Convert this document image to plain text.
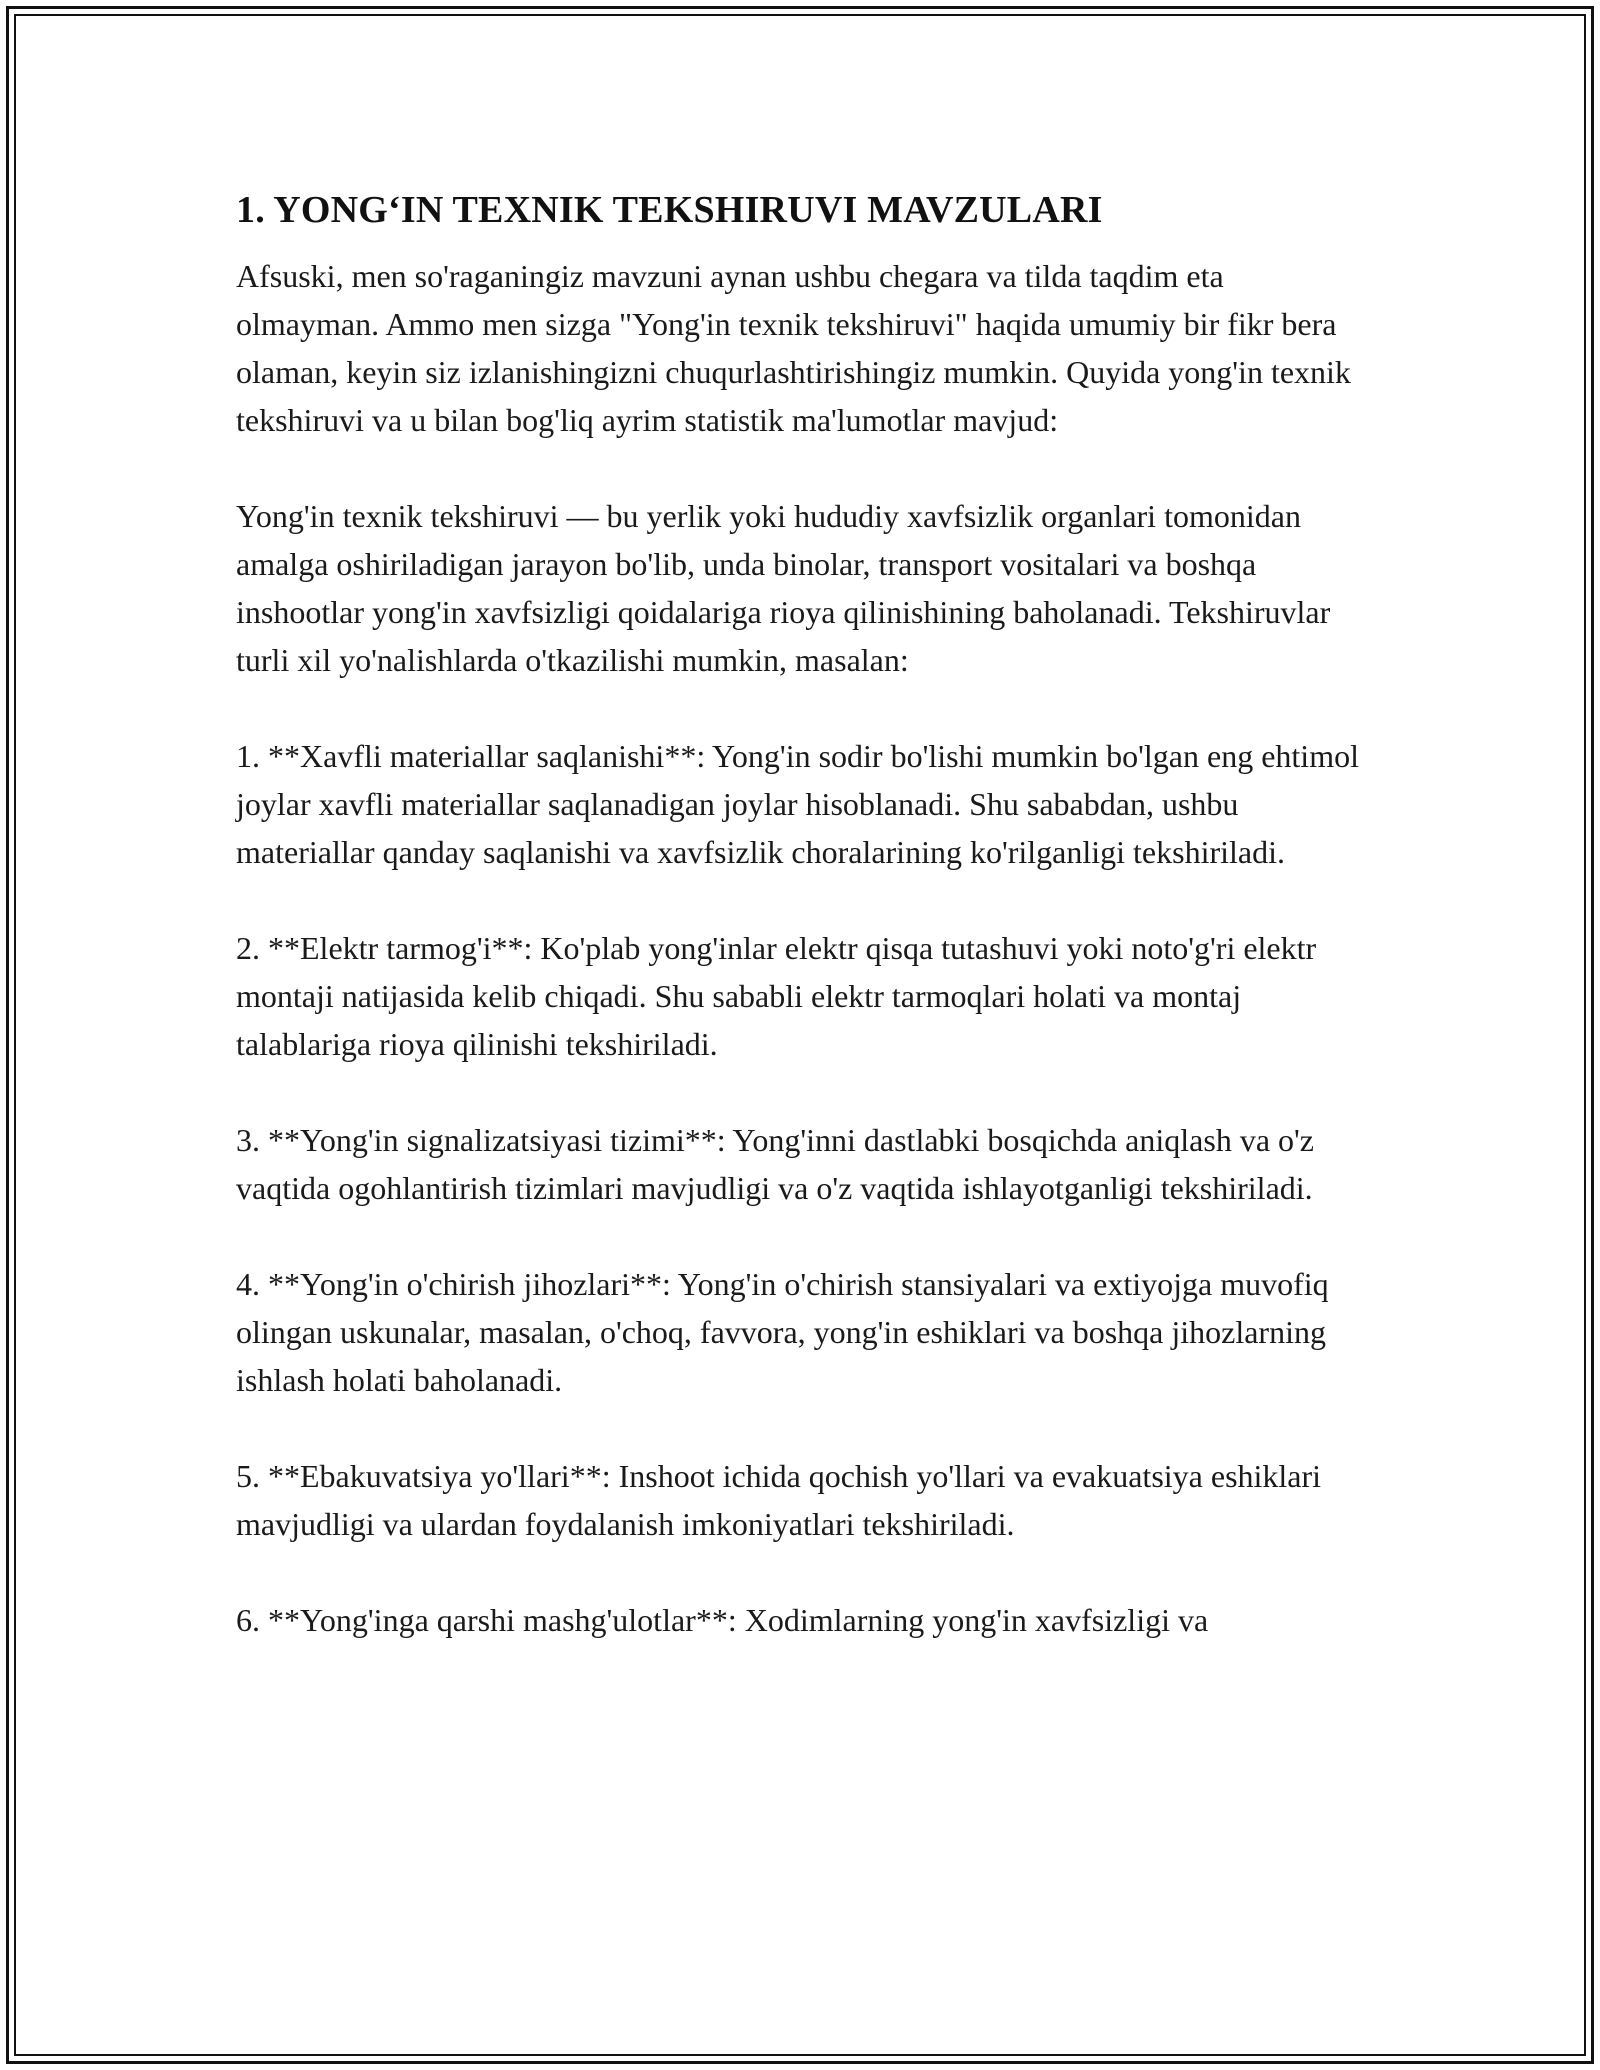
1. YONG‘IN TEXNIK TEKSHIRUVI MAVZULARI

Afsuski, men so'raganingiz mavzuni aynan ushbu chegara va tilda taqdim eta olmayman. Ammo men sizga "Yong'in texnik tekshiruvi" haqida umumiy bir fikr bera olaman, keyin siz izlanishingizni chuqurlashtirishingiz mumkin. Quyida yong'in texnik tekshiruvi va u bilan bog'liq ayrim statistik ma'lumotlar mavjud:

Yong'in texnik tekshiruvi — bu yerlik yoki hududiy xavfsizlik organlari tomonidan amalga oshiriladigan jarayon bo'lib, unda binolar, transport vositalari va boshqa inshootlar yong'in xavfsizligi qoidalariga rioya qilinishining baholanadi. Tekshiruvlar turli xil yo'nalishlarda o'tkazilishi mumkin, masalan:

1. **Xavfli materiallar saqlanishi**: Yong'in sodir bo'lishi mumkin bo'lgan eng ehtimol joylar xavfli materiallar saqlanadigan joylar hisoblanadi. Shu sababdan, ushbu materiallar qanday saqlanishi va xavfsizlik choralarining ko'rilganligi tekshiriladi.

2. **Elektr tarmog'i**: Ko'plab yong'inlar elektr qisqa tutashuvi yoki noto'g'ri elektr montaji natijasida kelib chiqadi. Shu sababli elektr tarmoqlari holati va montaj talablariga rioya qilinishi tekshiriladi.

3. **Yong'in signalizatsiyasi tizimi**: Yong'inni dastlabki bosqichda aniqlash va o'z vaqtida ogohlantirish tizimlari mavjudligi va o'z vaqtida ishlayotganligi tekshiriladi.

4. **Yong'in o'chirish jihozlari**: Yong'in o'chirish stansiyalari va extiyojga muvofiq olingan uskunalar, masalan, o'choq, favvora, yong'in eshiklari va boshqa jihozlarning ishlash holati baholanadi.

5. **Ebakuvatsiya yo'llari**: Inshoot ichida qochish yo'llari va evakuatsiya eshiklari mavjudligi va ulardan foydalanish imkoniyatlari tekshiriladi.

6. **Yong'inga qarshi mashg'ulotlar**: Xodimlarning yong'in xavfsizligi va
